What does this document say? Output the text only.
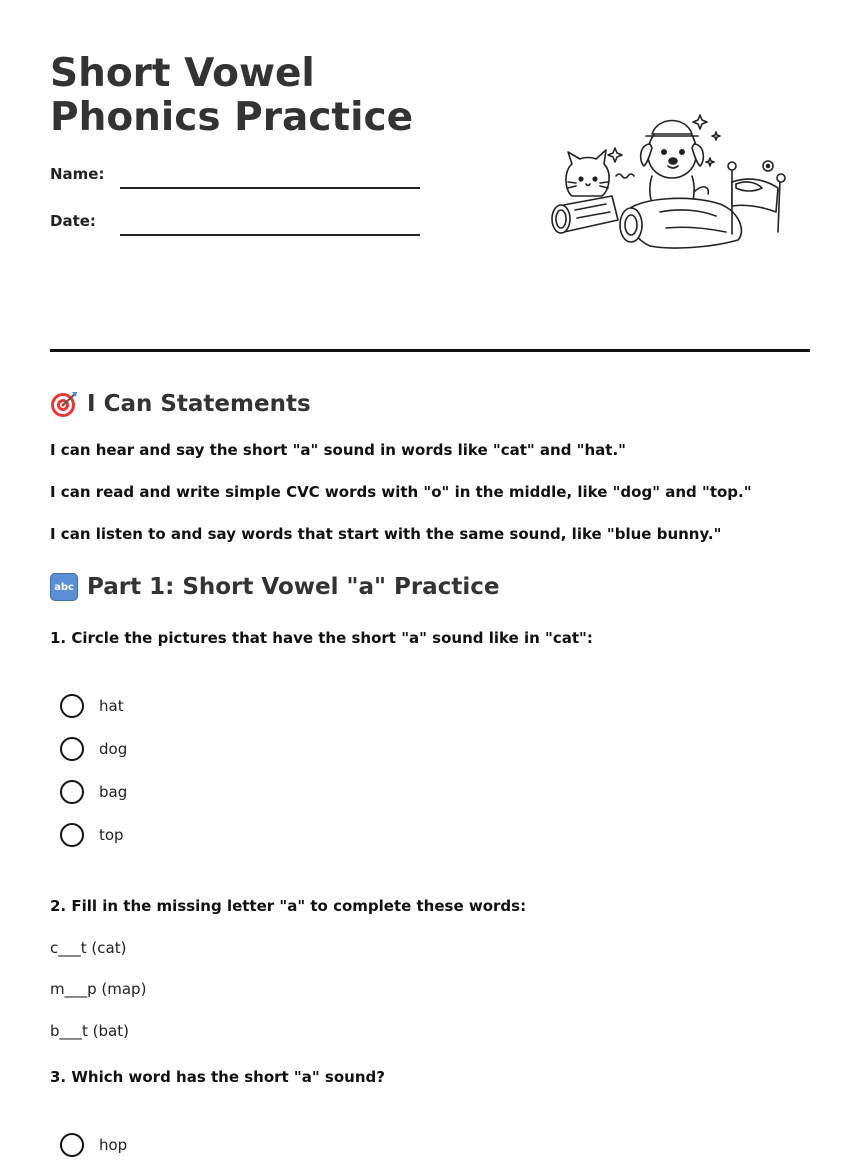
Short Vowel Phonics Practice
Name:
Date:
I Can Statements

I can hear and say the short "a" sound in words like "cat" and "hat."

I can read and write simple CVC words with "o" in the middle, like "dog" and "top."

I can listen to and say words that start with the same sound, like "blue bunny."

abc Part 1: Short Vowel "a" Practice

1. Circle the pictures that have the short "a" sound like in "cat":

hat
dog
bag
top

2. Fill in the missing letter "a" to complete these words:

c___t (cat)

m___p (map)

b___t (bat)

3. Which word has the short "a" sound?

hop
